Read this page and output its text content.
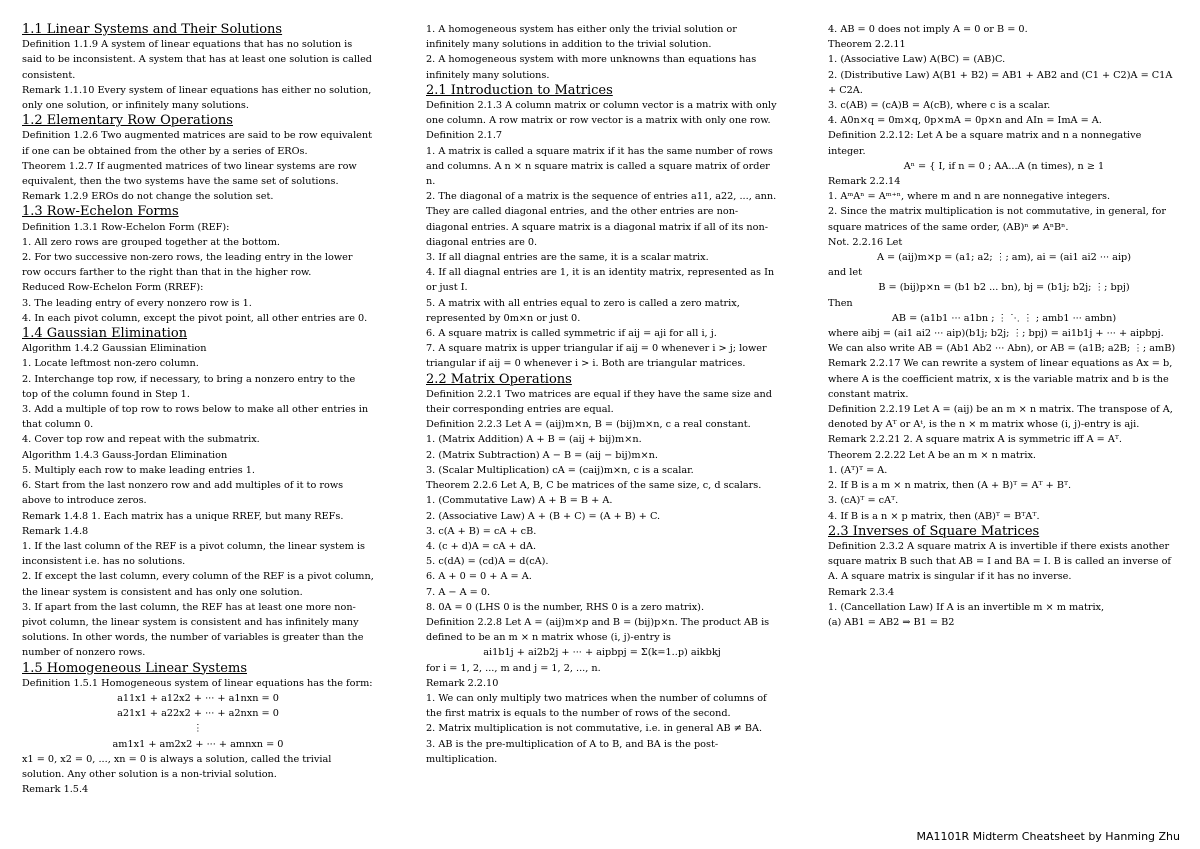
1.1 Linear Systems and Their Solutions
Definition 1.1.9 A system of linear equations that has no solution is said to be inconsistent. A system that has at least one solution is called consistent.
Remark 1.1.10 Every system of linear equations has either no solution, only one solution, or infinitely many solutions.
1.2 Elementary Row Operations
Definition 1.2.6 Two augmented matrices are said to be row equivalent if one can be obtained from the other by a series of EROs.
Theorem 1.2.7 If augmented matrices of two linear systems are row equivalent, then the two systems have the same set of solutions.
Remark 1.2.9 EROs do not change the solution set.
1.3 Row-Echelon Forms
Definition 1.3.1 Row-Echelon Form (REF):
1. All zero rows are grouped together at the bottom.
2. For two successive non-zero rows, the leading entry in the lower row occurs farther to the right than that in the higher row.
Reduced Row-Echelon Form (RREF):
3. The leading entry of every nonzero row is 1.
4. In each pivot column, except the pivot point, all other entries are 0.
1.4 Gaussian Elimination
Algorithm 1.4.2 Gaussian Elimination
1. Locate leftmost non-zero column.
2. Interchange top row, if necessary, to bring a nonzero entry to the top of the column found in Step 1.
3. Add a multiple of top row to rows below to make all other entries in that column 0.
4. Cover top row and repeat with the submatrix.
Algorithm 1.4.3 Gauss-Jordan Elimination
5. Multiply each row to make leading entries 1.
6. Start from the last nonzero row and add multiples of it to rows above to introduce zeros.
Remark 1.4.8 1. Each matrix has a unique RREF, but many REFs.
Remark 1.4.8
1. If the last column of the REF is a pivot column, the linear system is inconsistent i.e. has no solutions.
2. If except the last column, every column of the REF is a pivot column, the linear system is consistent and has only one solution.
3. If apart from the last column, the REF has at least one more non-pivot column, the linear system is consistent and has infinitely many solutions. In other words, the number of variables is greater than the number of nonzero rows.
1.5 Homogeneous Linear Systems
Definition 1.5.1 Homogeneous system of linear equations has the form:
a11x1 + a12x2 + ··· + a1nxn = 0
a21x1 + a22x2 + ··· + a2nxn = 0
⋮
am1x1 + am2x2 + ··· + amnxn = 0
x1 = 0, x2 = 0, ..., xn = 0 is always a solution, called the trivial solution. Any other solution is a non-trivial solution.
Remark 1.5.4
1. A homogeneous system has either only the trivial solution or infinitely many solutions in addition to the trivial solution.
2. A homogeneous system with more unknowns than equations has infinitely many solutions.
2.1 Introduction to Matrices
Definition 2.1.3 A column matrix or column vector is a matrix with only one column. A row matrix or row vector is a matrix with only one row.
Definition 2.1.7
1. A matrix is called a square matrix if it has the same number of rows and columns. A n × n square matrix is called a square matrix of order n.
2. The diagonal of a matrix is the sequence of entries a11, a22, ..., ann. They are called diagonal entries, and the other entries are non-diagonal entries. A square matrix is a diagonal matrix if all of its non-diagonal entries are 0.
3. If all diagnal entries are the same, it is a scalar matrix.
4. If all diagnal entries are 1, it is an identity matrix, represented as In or just I.
5. A matrix with all entries equal to zero is called a zero matrix, represented by 0m×n or just 0.
6. A square matrix is called symmetric if aij = aji for all i, j.
7. A square matrix is upper triangular if aij = 0 whenever i > j; lower triangular if aij = 0 whenever i > i. Both are triangular matrices.
2.2 Matrix Operations
Definition 2.2.1 Two matrices are equal if they have the same size and their corresponding entries are equal.
Definition 2.2.3 Let A = (aij)m×n, B = (bij)m×n, c a real constant.
1. (Matrix Addition) A + B = (aij + bij)m×n.
2. (Matrix Subtraction) A − B = (aij − bij)m×n.
3. (Scalar Multiplication) cA = (caij)m×n, c is a scalar.
Theorem 2.2.6 Let A, B, C be matrices of the same size, c, d scalars.
1. (Commutative Law) A + B = B + A.
2. (Associative Law) A + (B + C) = (A + B) + C.
3. c(A + B) = cA + cB.
4. (c + d)A = cA + dA.
5. c(dA) = (cd)A = d(cA).
6. A + 0 = 0 + A = A.
7. A − A = 0.
8. 0A = 0 (LHS 0 is the number, RHS 0 is a zero matrix).
Definition 2.2.8 Let A = (aij)m×p and B = (bij)p×n. The product AB is defined to be an m × n matrix whose (i, j)-entry is
ai1b1j + ai2b2j + ··· + aipbpj = Σ(k=1..p) aikbkj
for i = 1, 2, ..., m and j = 1, 2, ..., n.
Remark 2.2.10
1. We can only multiply two matrices when the number of columns of the first matrix is equals to the number of rows of the second.
2. Matrix multiplication is not commutative, i.e. in general AB ≠ BA.
3. AB is the pre-multiplication of A to B, and BA is the post-multiplication.
4. AB = 0 does not imply A = 0 or B = 0.
Theorem 2.2.11
1. (Associative Law) A(BC) = (AB)C.
2. (Distributive Law) A(B1 + B2) = AB1 + AB2 and (C1 + C2)A = C1A + C2A.
3. c(AB) = (cA)B = A(cB), where c is a scalar.
4. A0n×q = 0m×q, 0p×mA = 0p×n and AIn = ImA = A.
Definition 2.2.12: Let A be a square matrix and n a nonnegative integer.
Aⁿ = { I, if n = 0 ; AA...A (n times), n ≥ 1
Remark 2.2.14
1. AᵐAⁿ = Aᵐ⁺ⁿ, where m and n are nonnegative integers.
2. Since the matrix multiplication is not commutative, in general, for square matrices of the same order, (AB)ⁿ ≠ AⁿBⁿ.
Not. 2.2.16 Let
A = (aij)m×p = (a1; a2; ⋮; am), ai = (ai1 ai2 ··· aip)
and let
B = (bij)p×n = (b1 b2 ... bn), bj = (b1j; b2j; ⋮; bpj)
Then
AB = (a1b1 ··· a1bn ; ⋮ ⋱ ⋮ ; amb1 ··· ambn)
where aibj = (ai1 ai2 ··· aip)(b1j; b2j; ⋮; bpj) = ai1b1j + ··· + aipbpj.
We can also write AB = (Ab1 Ab2 ··· Abn), or AB = (a1B; a2B; ⋮; amB)
Remark 2.2.17 We can rewrite a system of linear equations as Ax = b, where A is the coefficient matrix, x is the variable matrix and b is the constant matrix.
Definition 2.2.19 Let A = (aij) be an m × n matrix. The transpose of A, denoted by Aᵀ or Aᵗ, is the n × m matrix whose (i, j)-entry is aji.
Remark 2.2.21 2. A square matrix A is symmetric iff A = Aᵀ.
Theorem 2.2.22 Let A be an m × n matrix.
1. (Aᵀ)ᵀ = A.
2. If B is a m × n matrix, then (A + B)ᵀ = Aᵀ + Bᵀ.
3. (cA)ᵀ = cAᵀ.
4. If B is a n × p matrix, then (AB)ᵀ = BᵀAᵀ.
2.3 Inverses of Square Matrices
Definition 2.3.2 A square matrix A is invertible if there exists another square matrix B such that AB = I and BA = I. B is called an inverse of A. A square matrix is singular if it has no inverse.
Remark 2.3.4
1. (Cancellation Law) If A is an invertible m × m matrix,
(a) AB1 = AB2 ⇒ B1 = B2
MA1101R Midterm Cheatsheet by Hanming Zhu
